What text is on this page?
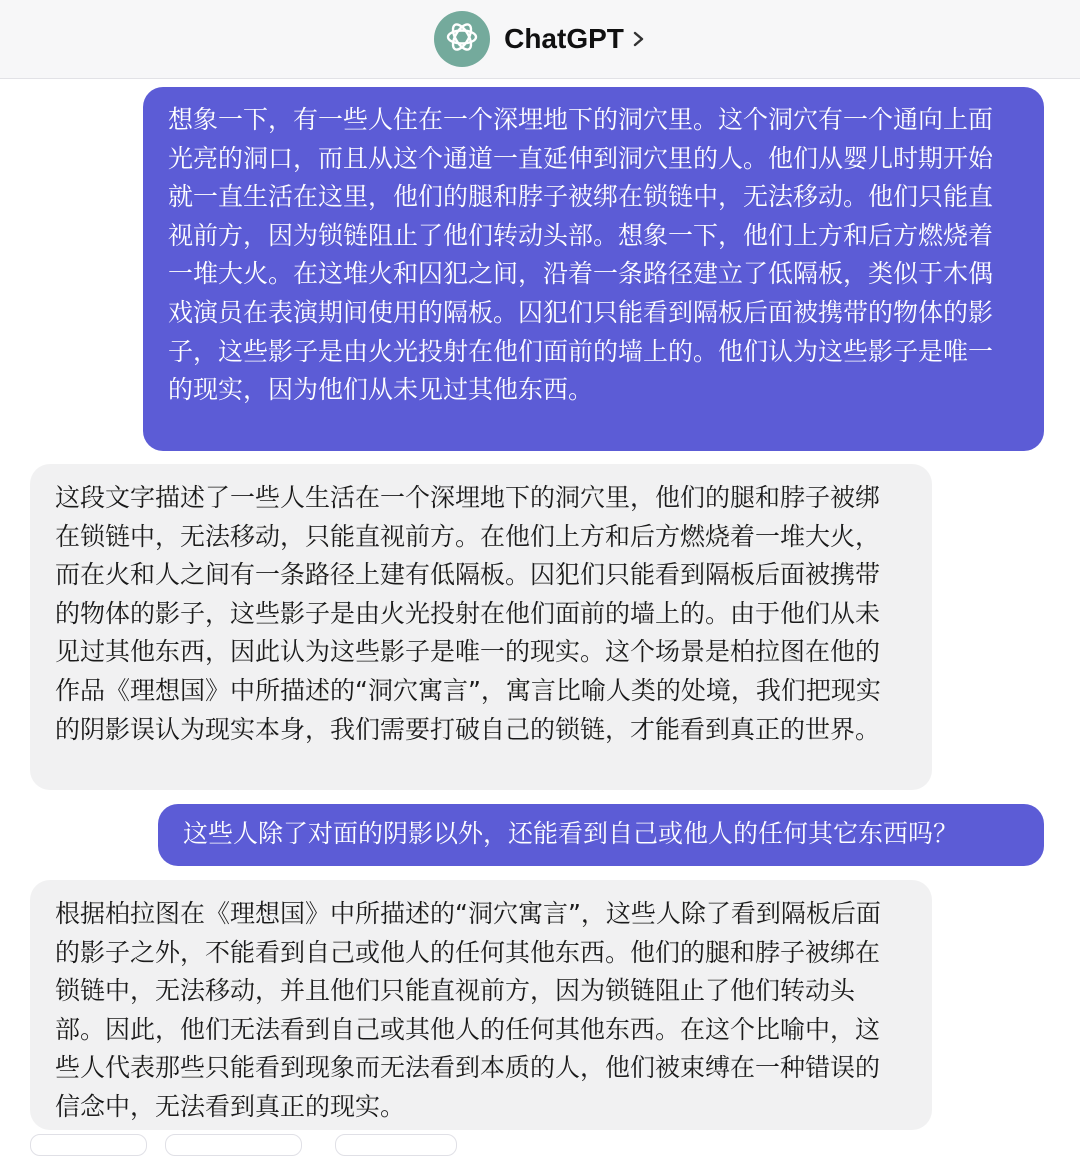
ChatGPT
想象一下，有一些人住在一个深埋地下的洞穴里。这个洞穴有一个通向上面光亮的洞口，而且从这个通道一直延伸到洞穴里的人。他们从婴儿时期开始就一直生活在这里，他们的腿和脖子被绑在锁链中，无法移动。他们只能直视前方，因为锁链阻止了他们转动头部。想象一下，他们上方和后方燃烧着一堆大火。在这堆火和囚犯之间，沿着一条路径建立了低隔板，类似于木偶戏演员在表演期间使用的隔板。囚犯们只能看到隔板后面被携带的物体的影子，这些影子是由火光投射在他们面前的墙上的。他们认为这些影子是唯一的现实，因为他们从未见过其他东西。
这段文字描述了一些人生活在一个深埋地下的洞穴里，他们的腿和脖子被绑在锁链中，无法移动，只能直视前方。在他们上方和后方燃烧着一堆大火，而在火和人之间有一条路径上建有低隔板。囚犯们只能看到隔板后面被携带的物体的影子，这些影子是由火光投射在他们面前的墙上的。由于他们从未见过其他东西，因此认为这些影子是唯一的现实。这个场景是柏拉图在他的作品《理想国》中所描述的“洞穴寓言”，寓言比喻人类的处境，我们把现实的阴影误认为现实本身，我们需要打破自己的锁链，才能看到真正的世界。
这些人除了对面的阴影以外，还能看到自己或他人的任何其它东西吗？
根据柏拉图在《理想国》中所描述的“洞穴寓言”，这些人除了看到隔板后面的影子之外，不能看到自己或他人的任何其他东西。他们的腿和脖子被绑在锁链中，无法移动，并且他们只能直视前方，因为锁链阻止了他们转动头部。因此，他们无法看到自己或其他人的任何其他东西。在这个比喻中，这些人代表那些只能看到现象而无法看到本质的人，他们被束缚在一种错误的信念中，无法看到真正的现实。
